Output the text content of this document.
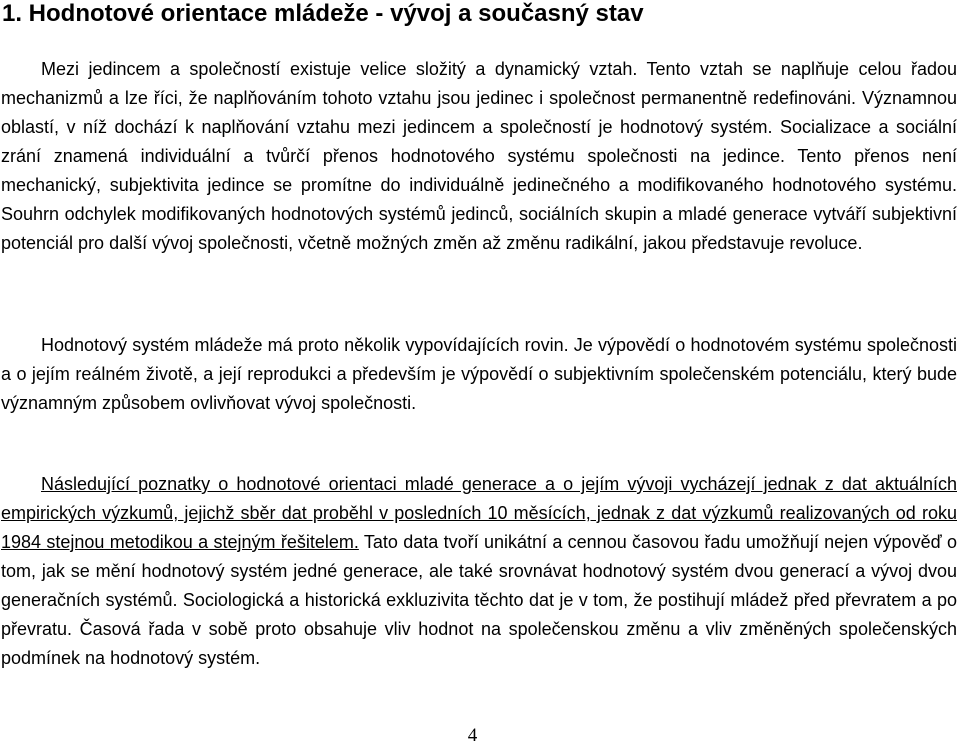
1. Hodnotové orientace mládeže - vývoj a současný stav

Mezi jedincem a společností existuje velice složitý a dynamický vztah. Tento vztah se naplňuje celou řadou mechanizmů a lze říci, že naplňováním tohoto vztahu jsou jedinec i společnost permanentně redefinováni. Významnou oblastí, v níž dochází k naplňování vztahu mezi jedincem a společností je hodnotový systém. Socializace a sociální zrání znamená individuální a tvůrčí přenos hodnotového systému společnosti na jedince. Tento přenos není mechanický, subjektivita jedince se promítne do individuálně jedinečného a modifikovaného hodnotového systému. Souhrn odchylek modifikovaných hodnotových systémů jedinců, sociálních skupin a mladé generace vytváří subjektivní potenciál pro další vývoj společnosti, včetně možných změn až změnu radikální, jakou představuje revoluce.

Hodnotový systém mládeže má proto několik vypovídajících rovin. Je výpovědí o hodnotovém systému společnosti a o jejím reálném životě, a její reprodukci a především je výpovědí o subjektivním společenském potenciálu, který bude významným způsobem ovlivňovat vývoj společnosti.

Následující poznatky o hodnotové orientaci mladé generace a o jejím vývoji vycházejí jednak z dat aktuálních empirických výzkumů, jejichž sběr dat proběhl v posledních 10 měsících, jednak z dat výzkumů realizovaných od roku 1984 stejnou metodikou a stejným řešitelem. Tato data tvoří unikátní a cennou časovou řadu umožňují nejen výpověď o tom, jak se mění hodnotový systém jedné generace, ale také srovnávat hodnotový systém dvou generací a vývoj dvou generačních systémů. Sociologická a historická exkluzivita těchto dat je v tom, že postihují mládež před převratem a po převratu. Časová řada v sobě proto obsahuje vliv hodnot na společenskou změnu a vliv změněných společenských podmínek na hodnotový systém.

4
